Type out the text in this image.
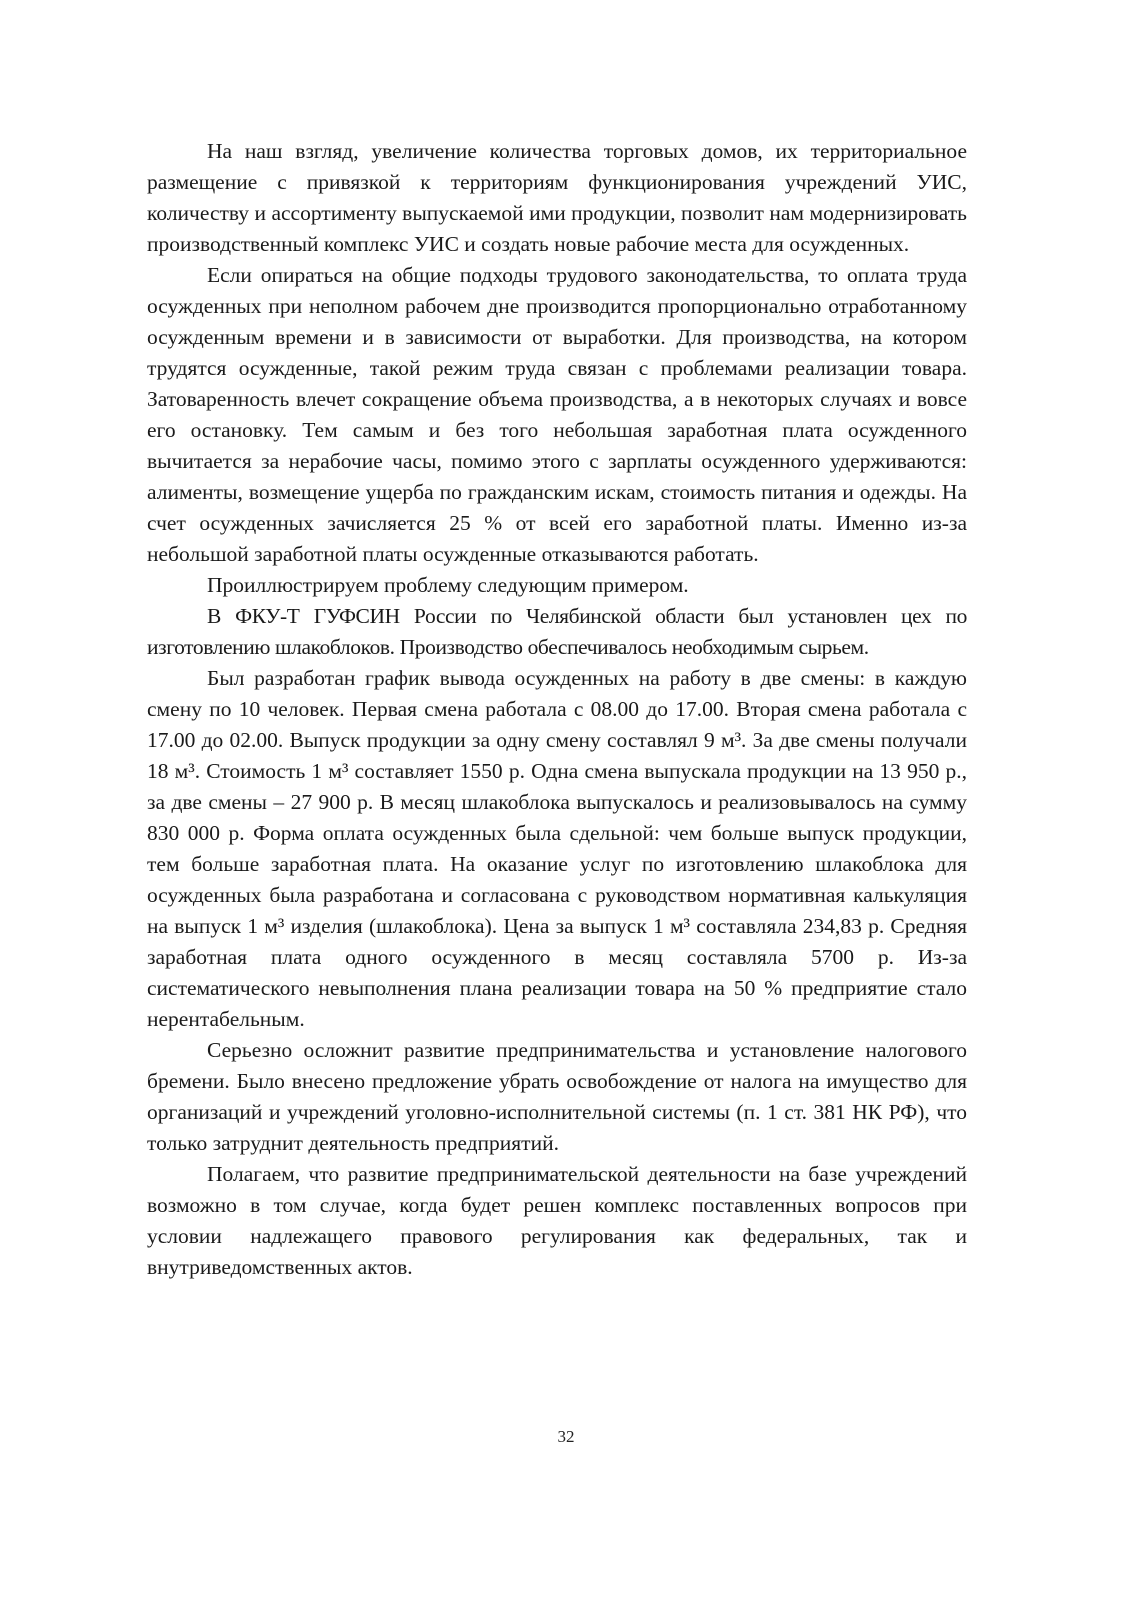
На наш взгляд, увеличение количества торговых домов, их территориальное размещение с привязкой к территориям функционирования учреждений УИС, количеству и ассортименту выпускаемой ими продукции, позволит нам модернизировать производственный комплекс УИС и создать новые рабочие места для осужденных.

Если опираться на общие подходы трудового законодательства, то оплата труда осужденных при неполном рабочем дне производится пропорционально отработанному осужденным времени и в зависимости от выработки. Для производства, на котором трудятся осужденные, такой режим труда связан с проблемами реализации товара. Затоваренность влечет сокращение объема производства, а в некоторых случаях и вовсе его остановку. Тем самым и без того небольшая заработная плата осужденного вычитается за нерабочие часы, помимо этого с зарплаты осужденного удерживаются: алименты, возмещение ущерба по гражданским искам, стоимость питания и одежды. На счет осужденных зачисляется 25 % от всей его заработной платы. Именно из-за небольшой заработной платы осужденные отказываются работать.

Проиллюстрируем проблему следующим примером.

В ФКУ-Т ГУФСИН России по Челябинской области был установлен цех по изготовлению шлакоблоков. Производство обеспечивалось необходимым сырьем.

Был разработан график вывода осужденных на работу в две смены: в каждую смену по 10 человек. Первая смена работала с 08.00 до 17.00. Вторая смена работала с 17.00 до 02.00. Выпуск продукции за одну смену составлял 9 м³. За две смены получали 18 м³. Стоимость 1 м³ составляет 1550 р. Одна смена выпускала продукции на 13 950 р., за две смены – 27 900 р. В месяц шлакоблока выпускалось и реализовывалось на сумму 830 000 р. Форма оплата осужденных была сдельной: чем больше выпуск продукции, тем больше заработная плата. На оказание услуг по изготовлению шлакоблока для осужденных была разработана и согласована с руководством нормативная калькуляция на выпуск 1 м³ изделия (шлакоблока). Цена за выпуск 1 м³ составляла 234,83 р. Средняя заработная плата одного осужденного в месяц составляла 5700 р. Из-за систематического невыполнения плана реализации товара на 50 % предприятие стало нерентабельным.

Серьезно осложнит развитие предпринимательства и установление налогового бремени. Было внесено предложение убрать освобождение от налога на имущество для организаций и учреждений уголовно-исполнительной системы (п. 1 ст. 381 НК РФ), что только затруднит деятельность предприятий.

Полагаем, что развитие предпринимательской деятельности на базе учреждений возможно в том случае, когда будет решен комплекс поставленных вопросов при условии надлежащего правового регулирования как федеральных, так и внутриведомственных актов.

32
